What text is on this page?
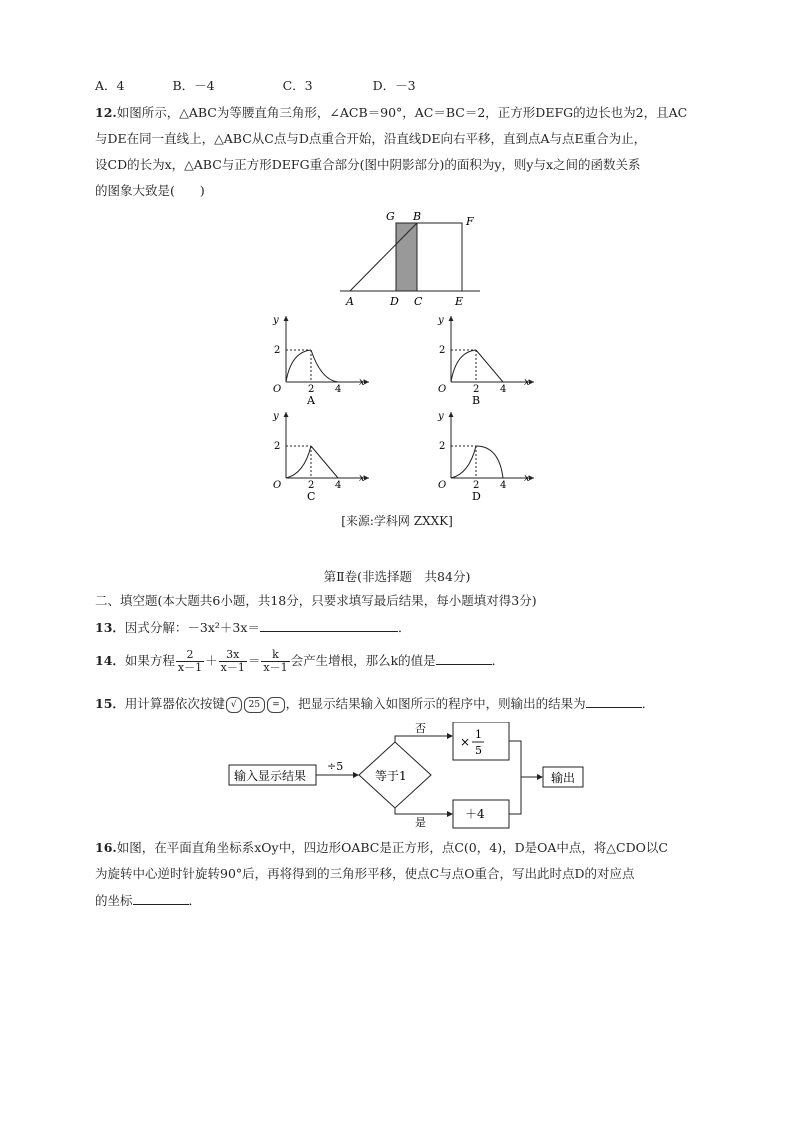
A．4	B．－4	C．3	D．－3
12.如图所示，△ABC为等腰直角三角形，∠ACB＝90°，AC＝BC＝2，正方形DEFG的边长也为2，且AC
与DE在同一直线上，△ABC从C点与D点重合开始，沿直线DE向右平移，直到点A与点E重合为止，
设CD的长为x，△ABC与正方形DEFG重合部分(图中阴影部分)的面积为y，则y与x之间的函数关系
的图象大致是(　　)
G B	F
A	D C	E
y
x
2
O	2 4
A
y
x
2
O	2 4
B
y
x
2
O	2 4
C
y
x
2
O	2 4
D
[来源:学科网 ZXXK]
第Ⅱ卷(非选择题　共84分)
二、填空题(本大题共6小题，共18分，只要求填写最后结果，每小题填对得3分)
13．因式分解：－3x²＋3x＝	．
14．如果方程 $\frac{2}{x-1} + \frac{3x}{x-1} = \frac{k}{x-1}$ 会产生增根，那么k的值是	．
15．用计算器依次按键 √ 25 = ，把显示结果输入如图所示的程序中，则输出的结果为	．
输入显示结果
÷5
等于1
否
是
×
1
5
＋4
输出
16.如图，在平面直角坐标系xOy中，四边形OABC是正方形，点C(0，4)，D是OA中点，将△CDO以C
为旋转中心逆时针旋转90°后，再将得到的三角形平移，使点C与点O重合，写出此时点D的对应点
的坐标	．
